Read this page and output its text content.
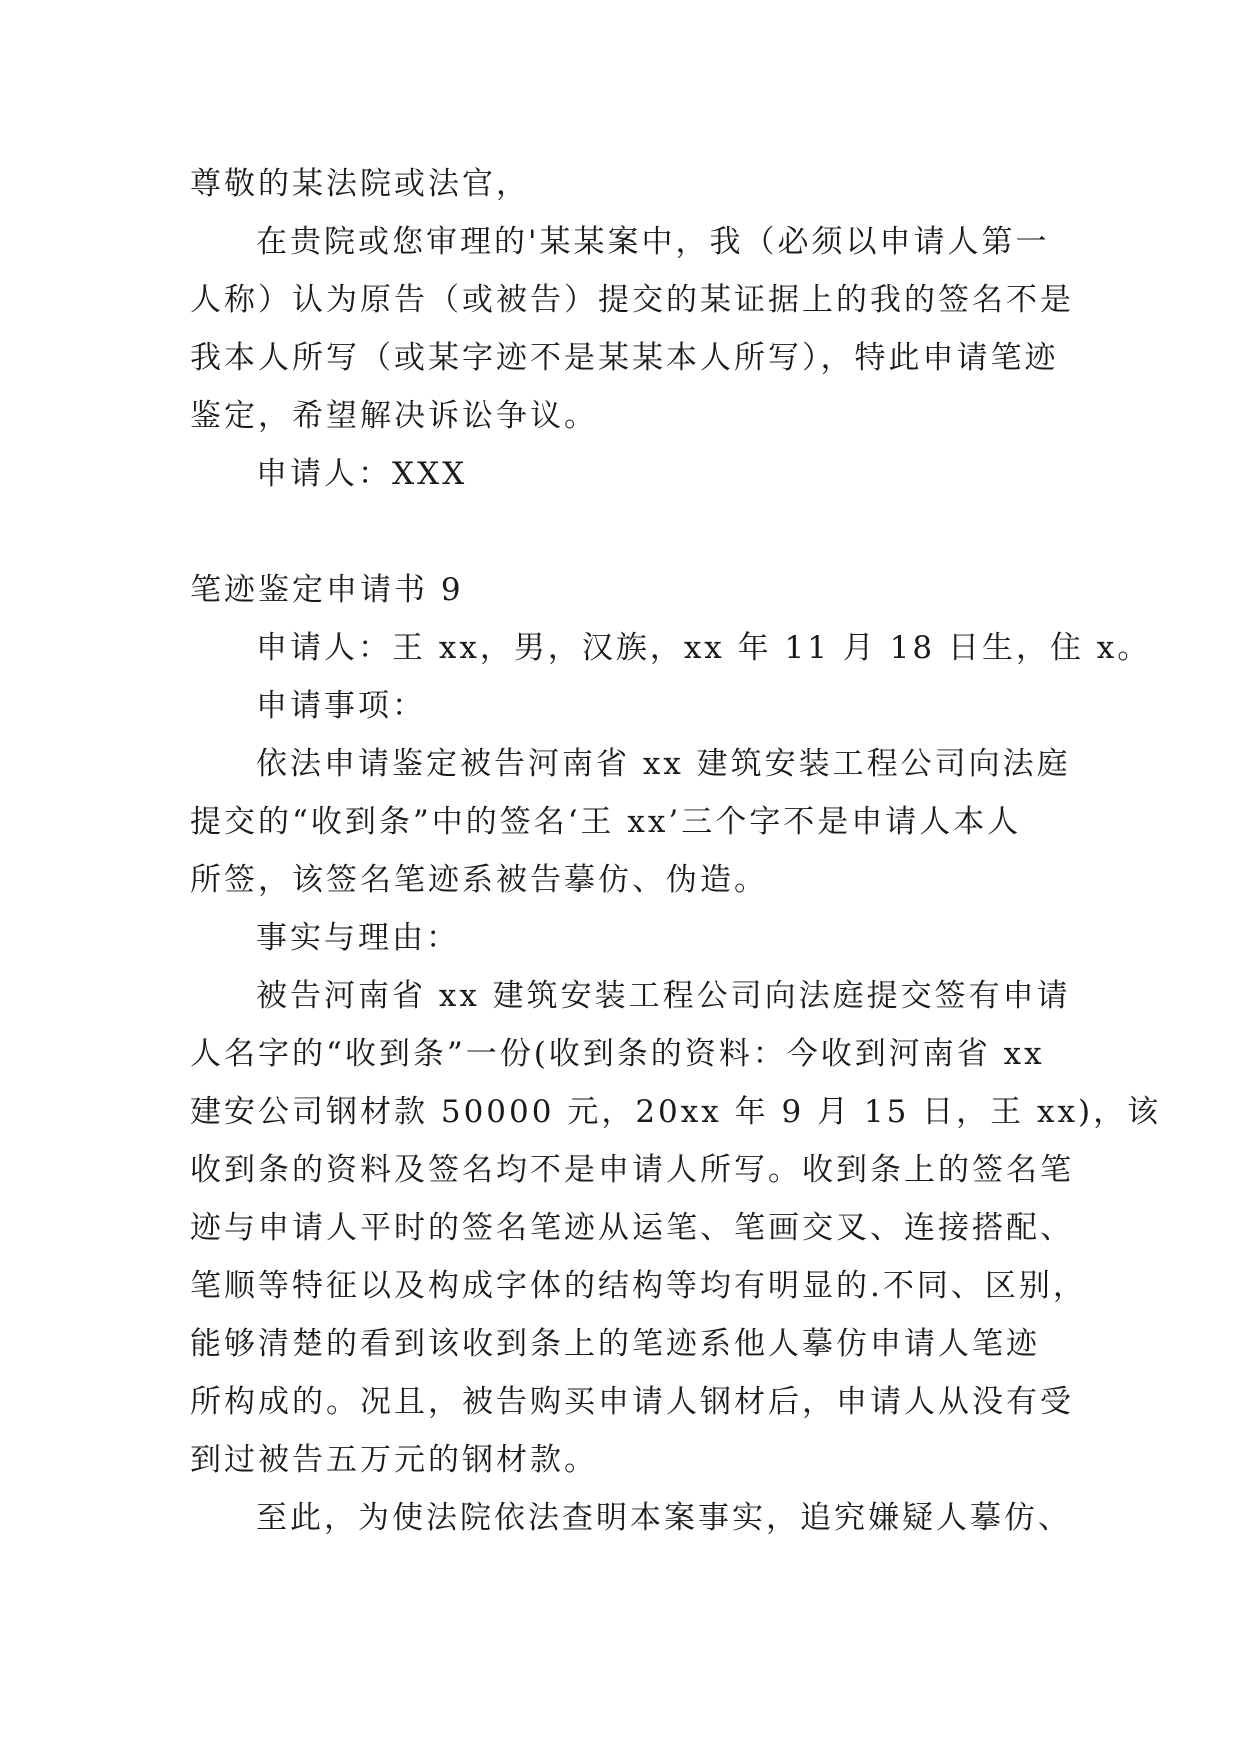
尊敬的某法院或法官，
在贵院或您审理的'某某案中，我（必须以申请人第一
人称）认为原告（或被告）提交的某证据上的我的签名不是
我本人所写（或某字迹不是某某本人所写），特此申请笔迹
鉴定，希望解决诉讼争议。
申请人：XXX
笔迹鉴定申请书 9
申请人：王 xx，男，汉族，xx 年 11 月 18 日生，住 x。
申请事项：
依法申请鉴定被告河南省 xx 建筑安装工程公司向法庭
提交的“收到条”中的签名‘王 xx’三个字不是申请人本人
所签，该签名笔迹系被告摹仿、伪造。
事实与理由：
被告河南省 xx 建筑安装工程公司向法庭提交签有申请
人名字的“收到条”一份(收到条的资料：今收到河南省 xx
建安公司钢材款 50000 元，20xx 年 9 月 15 日，王 xx)，该
收到条的资料及签名均不是申请人所写。收到条上的签名笔
迹与申请人平时的签名笔迹从运笔、笔画交叉、连接搭配、
笔顺等特征以及构成字体的结构等均有明显的.不同、区别，
能够清楚的看到该收到条上的笔迹系他人摹仿申请人笔迹
所构成的。况且，被告购买申请人钢材后，申请人从没有受
到过被告五万元的钢材款。
至此，为使法院依法查明本案事实，追究嫌疑人摹仿、
